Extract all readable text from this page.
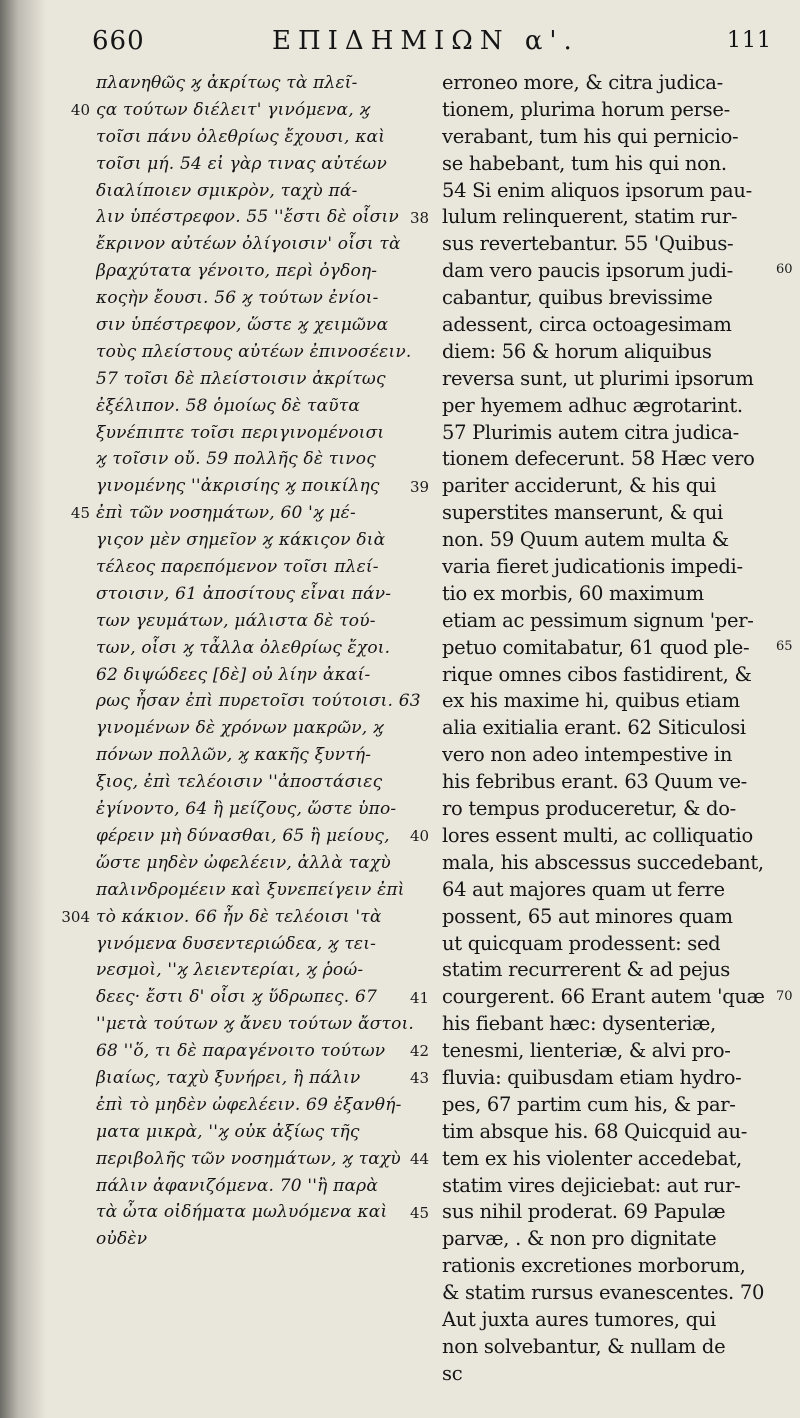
660	ΕΠΙΔΗΜΙΩΝ α'.	111
πλανηθῶς ϗ ἀκρίτως τὰ πλεῖ-
ςα τούτων διέλειτ' γινόμενα, ϗ
τοῖσι πάνυ ὀλεθρίως ἔχουσι, καὶ
τοῖσι μή. 54 εἰ γὰρ τινας αὐτέων
διαλίποιεν σμικρὸν, ταχὺ πά-
λιν ὑπέστρεφον. 55 ''ἔστι δὲ οἷσιν
ἔκρινον αὐτέων ὀλίγοισιν' οἷσι τὰ
βραχύτατα γένοιτο, περὶ ὀγδοη-
κοςὴν ἔουσι. 56 ϗ τούτων ἐνίοι-
σιν ὑπέστρεφον, ὥστε ϗ χειμῶνα
τοὺς πλείστους αὐτέων ἐπινοσέειν.
57 τοῖσι δὲ πλείστοισιν ἀκρίτως
ἐξέλιπον. 58 ὁμοίως δὲ ταῦτα
ξυνέπιπτε τοῖσι περιγινομένοισι
ϗ τοῖσιν οὔ. 59 πολλῆς δὲ τινος
γινομένης ''ἀκρισίης ϗ ποικίλης
ἐπὶ τῶν νοσημάτων, 60 'ϗ μέ-
γιςον μὲν σημεῖον ϗ κάκιςον διὰ
τέλεος παρεπόμενον τοῖσι πλεί-
στοισιν, 61 ἀποσίτους εἶναι πάν-
των γευμάτων, μάλιστα δὲ τού-
των, οἷσι ϗ τἆλλα ὀλεθρίως ἔχοι.
62 διψώδεες [δὲ] οὐ λίην ἀκαί-
ρως ἦσαν ἐπὶ πυρετοῖσι τούτοισι. 63
γινομένων δὲ χρόνων μακρῶν, ϗ
πόνων πολλῶν, ϗ κακῆς ξυντή-
ξιος, ἐπὶ τελέοισιν ''ἀποστάσιες
ἐγίνοντο, 64 ἢ μείζους, ὥστε ὑπο-
φέρειν μὴ δύνασθαι, 65 ἢ μείους,
ὥστε μηδὲν ὠφελέειν, ἀλλὰ ταχὺ
παλινδρομέειν καὶ ξυνεπείγειν ἐπὶ
τὸ κάκιον. 66 ἦν δὲ τελέοισι 'τὰ
γινόμενα δυσεντεριώδεα, ϗ τει-
νεσμοὶ, ''ϗ λειεντερίαι, ϗ ῥοώ-
δεες· ἔστι δ' οἷσι ϗ ὕδρωπες. 67
''μετὰ τούτων ϗ ἄνευ τούτων ἄστοι.
68 ''ὅ, τι δὲ παραγένοιτο τούτων
βιαίως, ταχὺ ξυνήρει, ἢ πάλιν
ἐπὶ τὸ μηδὲν ὠφελέειν. 69 ἐξανθή-
ματα μικρὰ, ''ϗ οὐκ ἀξίως τῆς
περιβολῆς τῶν νοσημάτων, ϗ ταχὺ
πάλιν ἀφανιζόμενα. 70 ''ἢ παρὰ
τὰ ὦτα οἰδήματα μωλυόμενα καὶ
οὐδὲν
erroneo more, & citra judica-
tionem, plurima horum perse-
verabant, tum his qui pernicio-
se habebant, tum his qui non.
54 Si enim aliquos ipsorum pau-
lulum relinquerent, statim rur-
sus revertebantur. 55 'Quibus-
dam vero paucis ipsorum judi-
cabantur, quibus brevissime
adessent, circa octoagesimam
diem: 56 & horum aliquibus
reversa sunt, ut plurimi ipsorum
per hyemem adhuc ægrotarint.
57 Plurimis autem citra judica-
tionem defecerunt. 58 Hæc vero
pariter acciderunt, & his qui
superstites manserunt, & qui
non. 59 Quum autem multa &
varia fieret judicationis impedi-
tio ex morbis, 60 maximum
etiam ac pessimum signum 'per-
petuo comitabatur, 61 quod ple-
rique omnes cibos fastidirent, &
ex his maxime hi, quibus etiam
alia exitialia erant. 62 Siticulosi
vero non adeo intempestive in
his febribus erant. 63 Quum ve-
ro tempus produceretur, & do-
lores essent multi, ac colliquatio
mala, his abscessus succedebant,
64 aut majores quam ut ferre
possent, 65 aut minores quam
ut quicquam prodessent: sed
statim recurrerent & ad pejus
courgerent. 66 Erant autem 'quæ
his fiebant hæc: dysenteriæ,
tenesmi, lienteriæ, & alvi pro-
fluvia: quibusdam etiam hydro-
pes, 67 partim cum his, & par-
tim absque his. 68 Quicquid au-
tem ex his violenter accedebat,
statim vires dejiciebat: aut rur-
sus nihil proderat. 69 Papulæ
parvæ, . & non pro dignitate
rationis excretiones morborum,
& statim rursus evanescentes. 70
Aut juxta aures tumores, qui
non solvebantur, & nullam de
sc
40
45
304
38
39
40
41
42
43
44
45
60
65
70
